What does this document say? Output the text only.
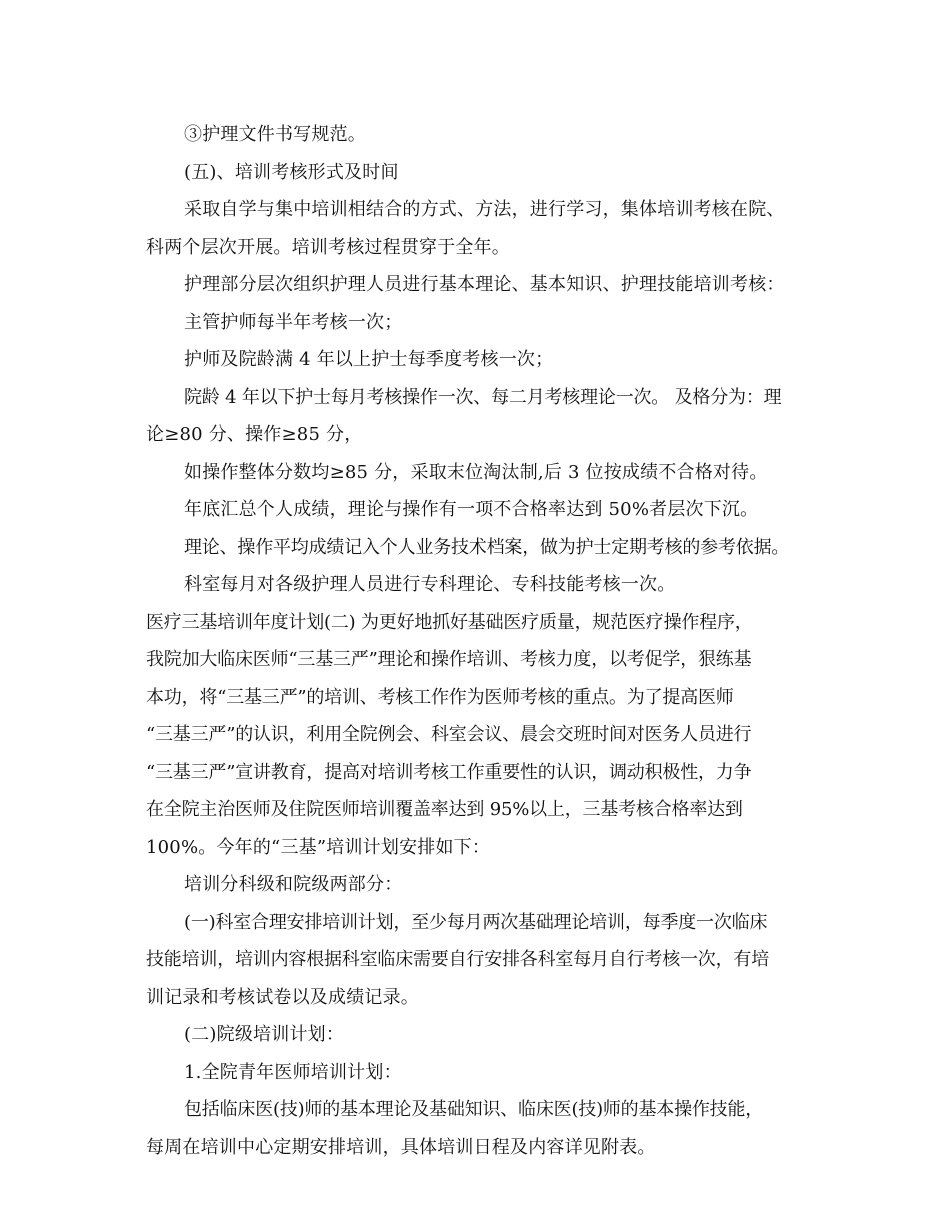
③护理文件书写规范。
(五)、培训考核形式及时间
采取自学与集中培训相结合的方式、方法，进行学习，集体培训考核在院、
科两个层次开展。培训考核过程贯穿于全年。
护理部分层次组织护理人员进行基本理论、基本知识、护理技能培训考核：
主管护师每半年考核一次；
护师及院龄满 4 年以上护士每季度考核一次；
院龄 4 年以下护士每月考核操作一次、每二月考核理论一次。 及格分为：理
论≥80 分、操作≥85 分，
如操作整体分数均≥85 分，采取末位淘汰制,后 3 位按成绩不合格对待。
年底汇总个人成绩，理论与操作有一项不合格率达到 50%者层次下沉。
理论、操作平均成绩记入个人业务技术档案，做为护士定期考核的参考依据。
科室每月对各级护理人员进行专科理论、专科技能考核一次。
医疗三基培训年度计划(二) 为更好地抓好基础医疗质量，规范医疗操作程序，
我院加大临床医师“三基三严”理论和操作培训、考核力度，以考促学，狠练基
本功，将“三基三严”的培训、考核工作作为医师考核的重点。为了提高医师
“三基三严”的认识，利用全院例会、科室会议、晨会交班时间对医务人员进行
“三基三严”宣讲教育，提高对培训考核工作重要性的认识，调动积极性，力争
在全院主治医师及住院医师培训覆盖率达到 95%以上，三基考核合格率达到
100%。今年的“三基”培训计划安排如下：
培训分科级和院级两部分：
(一)科室合理安排培训计划，至少每月两次基础理论培训，每季度一次临床
技能培训，培训内容根据科室临床需要自行安排各科室每月自行考核一次，有培
训记录和考核试卷以及成绩记录。
(二)院级培训计划：
1.全院青年医师培训计划：
包括临床医(技)师的基本理论及基础知识、临床医(技)师的基本操作技能，
每周在培训中心定期安排培训，具体培训日程及内容详见附表。
